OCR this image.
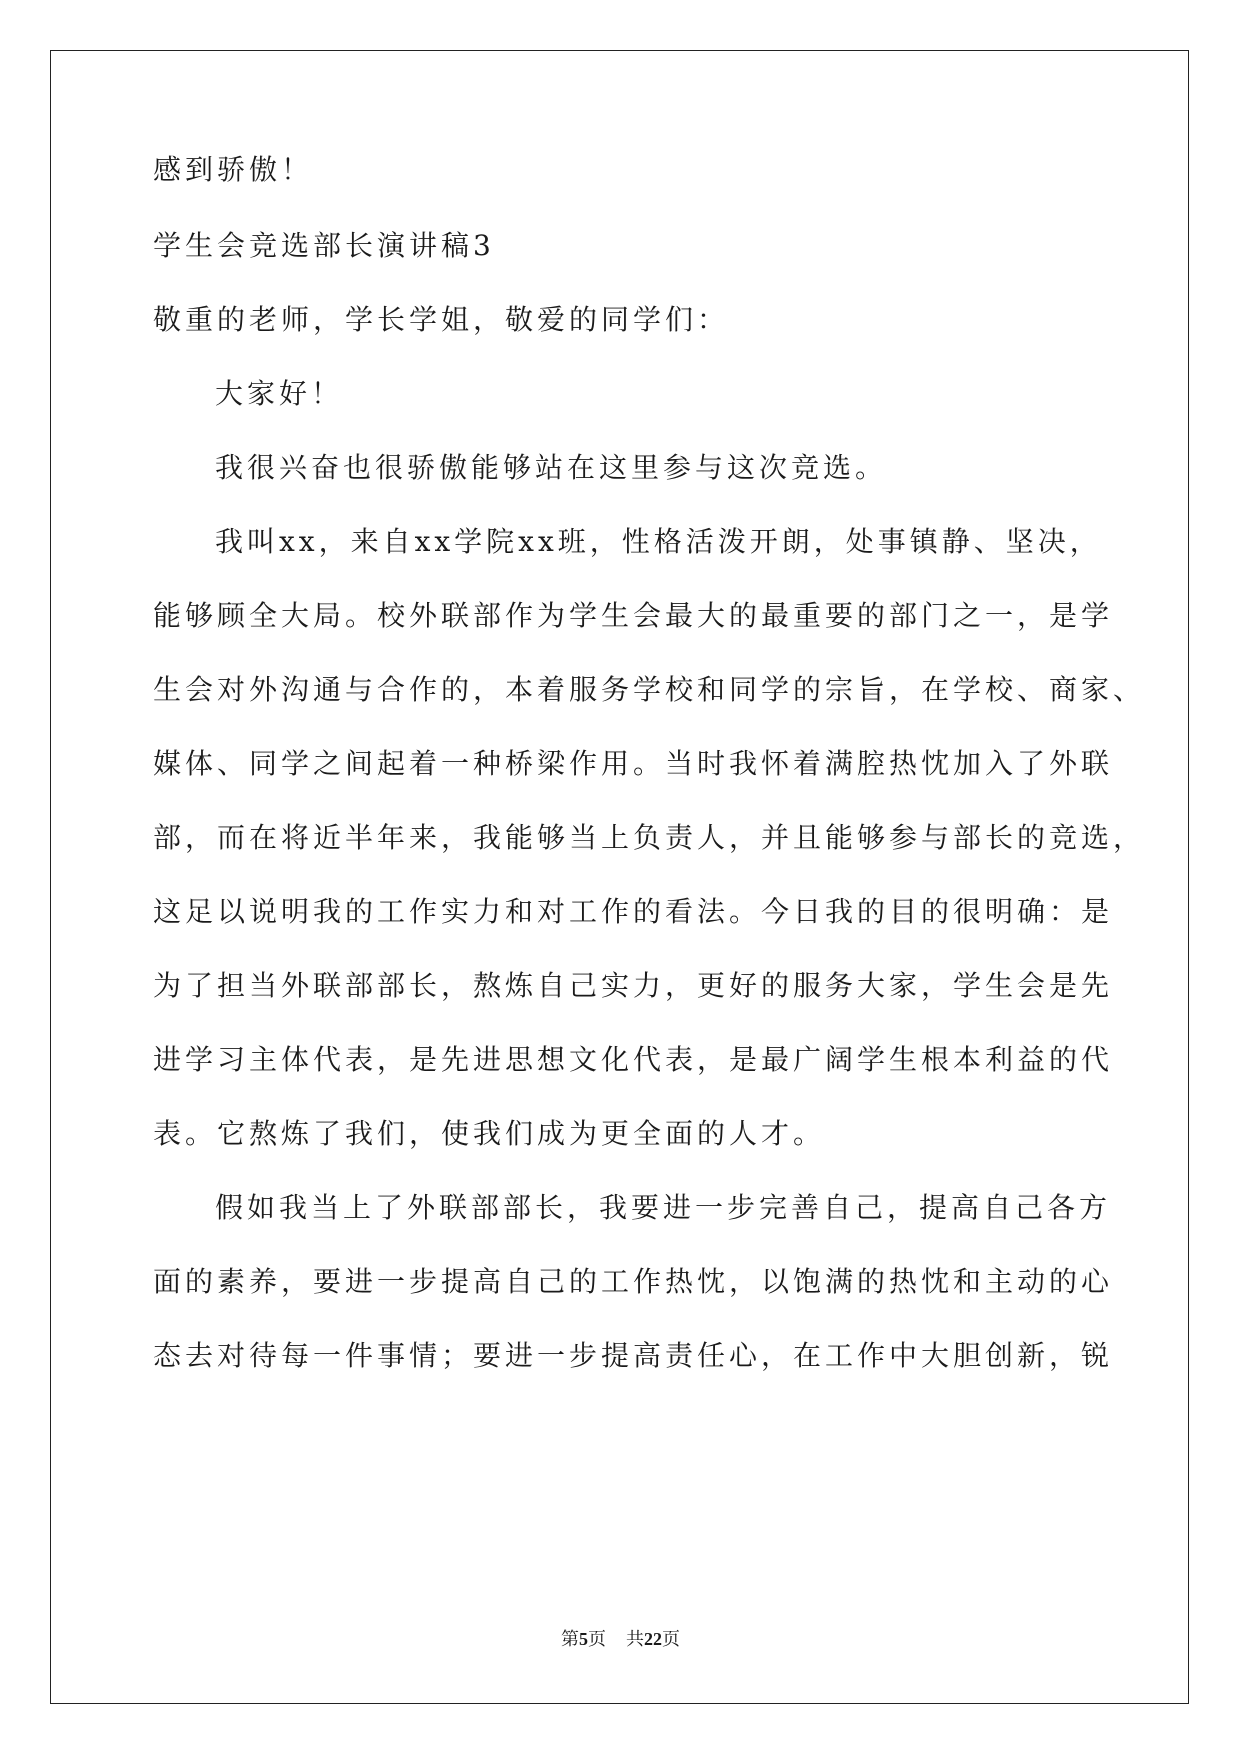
感到骄傲！
学生会竞选部长演讲稿3
敬重的老师，学长学姐，敬爱的同学们：
大家好！
我很兴奋也很骄傲能够站在这里参与这次竞选。
我叫xx，来自xx学院xx班，性格活泼开朗，处事镇静、坚决，
能够顾全大局。校外联部作为学生会最大的最重要的部门之一，是学
生会对外沟通与合作的，本着服务学校和同学的宗旨，在学校、商家、
媒体、同学之间起着一种桥梁作用。当时我怀着满腔热忱加入了外联
部，而在将近半年来，我能够当上负责人，并且能够参与部长的竞选，
这足以说明我的工作实力和对工作的看法。今日我的目的很明确：是
为了担当外联部部长，熬炼自己实力，更好的服务大家，学生会是先
进学习主体代表，是先进思想文化代表，是最广阔学生根本利益的代
表。它熬炼了我们，使我们成为更全面的人才。
假如我当上了外联部部长，我要进一步完善自己，提高自己各方
面的素养，要进一步提高自己的工作热忱，以饱满的热忱和主动的心
态去对待每一件事情；要进一步提高责任心，在工作中大胆创新，锐
第5页 共22页
